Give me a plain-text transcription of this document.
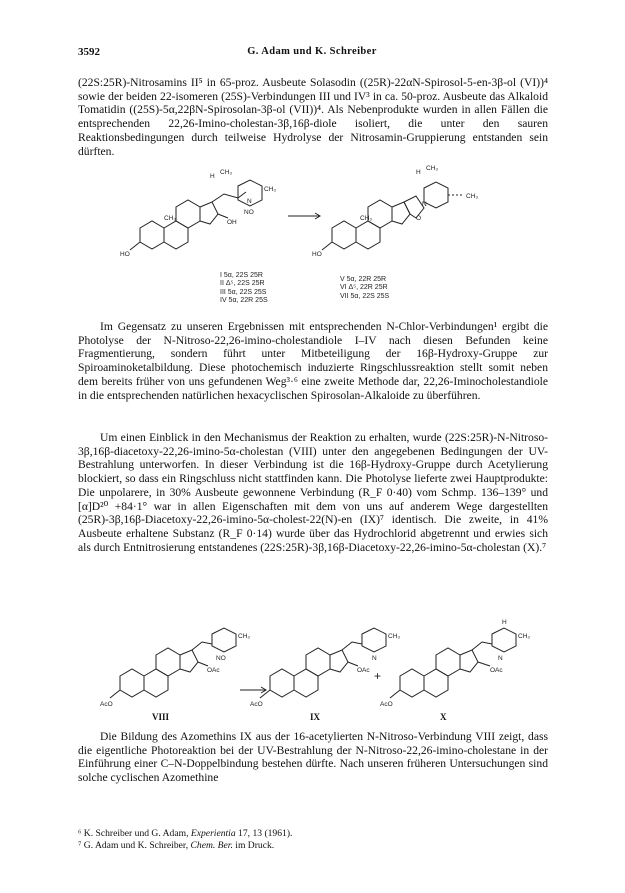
3592	G. Adam und K. Schreiber

(22S:25R)-Nitrosamins II⁵ in 65-proz. Ausbeute Solasodin ((25R)-22αN-Spirosol-5-en-3β-ol (VI))⁴ sowie der beiden 22-isomeren (25S)-Verbindungen III und IV³ in ca. 50-proz. Ausbeute das Alkaloid Tomatidin ((25S)-5α,22βN-Spirosolan-3β-ol (VII))⁴. Als Nebenprodukte wurden in allen Fällen die entsprechenden 22,26-Imino-cholestan-3β,16β-diole isoliert, die unter den sauren Reaktionsbedingungen durch teilweise Hydrolyse der Nitrosamin-Gruppierung entstanden sein dürften.

HO
OH
NO
N
H
CH₃
CH₃
CH₃
HO
O
N
H
CH₃
CH₃
CH₃
I 5α, 22S 25R
II Δ⁵, 22S 25R
III 5α, 22S 25S
IV 5α, 22R 25S
V 5α, 22R 25R
VI Δ⁵, 22R 25R
VII 5α, 22S 25S

Im Gegensatz zu unseren Ergebnissen mit entsprechenden N-Chlor-Verbindungen¹ ergibt die Photolyse der N-Nitroso-22,26-imino-cholestandiole I–IV nach diesen Befunden keine Fragmentierung, sondern führt unter Mitbeteiligung der 16β-Hydroxy-Gruppe zur Spiroaminoketalbildung. Diese photochemisch induzierte Ringschlussreaktion stellt somit neben dem bereits früher von uns gefundenen Weg³·⁶ eine zweite Methode dar, 22,26-Iminocholestandiole in die entsprechenden natürlichen hexacyclischen Spirosolan-Alkaloide zu überführen.

Um einen Einblick in den Mechanismus der Reaktion zu erhalten, wurde (22S:25R)-N-Nitroso-3β,16β-diacetoxy-22,26-imino-5α-cholestan (VIII) unter den angegebenen Bedingungen der UV-Bestrahlung unterworfen. In dieser Verbindung ist die 16β-Hydroxy-Gruppe durch Acetylierung blockiert, so dass ein Ringschluss nicht stattfinden kann. Die Photolyse lieferte zwei Hauptprodukte: Die unpolarere, in 30% Ausbeute gewonnene Verbindung (R_F 0·40) vom Schmp. 136–139° und [α]D²⁰ +84·1° war in allen Eigenschaften mit dem von uns auf anderem Wege dargestellten (25R)-3β,16β-Diacetoxy-22,26-imino-5α-cholest-22(N)-en (IX)⁷ identisch. Die zweite, in 41% Ausbeute erhaltene Substanz (R_F 0·14) wurde über das Hydrochlorid abgetrennt und erwies sich als durch Entnitrosierung entstandenes (22S:25R)-3β,16β-Diacetoxy-22,26-imino-5α-cholestan (X).⁷

AcO
OAc
NO
CH₃
AcO
OAc
N
CH₃
+
AcO
OAc
N
CH₃
H
VIII	IX	X

Die Bildung des Azomethins IX aus der 16-acetylierten N-Nitroso-Verbindung VIII zeigt, dass die eigentliche Photoreaktion bei der UV-Bestrahlung der N-Nitroso-22,26-imino-cholestane in der Einführung einer C–N-Doppelbindung bestehen dürfte. Nach unseren früheren Untersuchungen sind solche cyclischen Azomethine

⁶ K. Schreiber und G. Adam, Experientia 17, 13 (1961).

⁷ G. Adam und K. Schreiber, Chem. Ber. im Druck.
